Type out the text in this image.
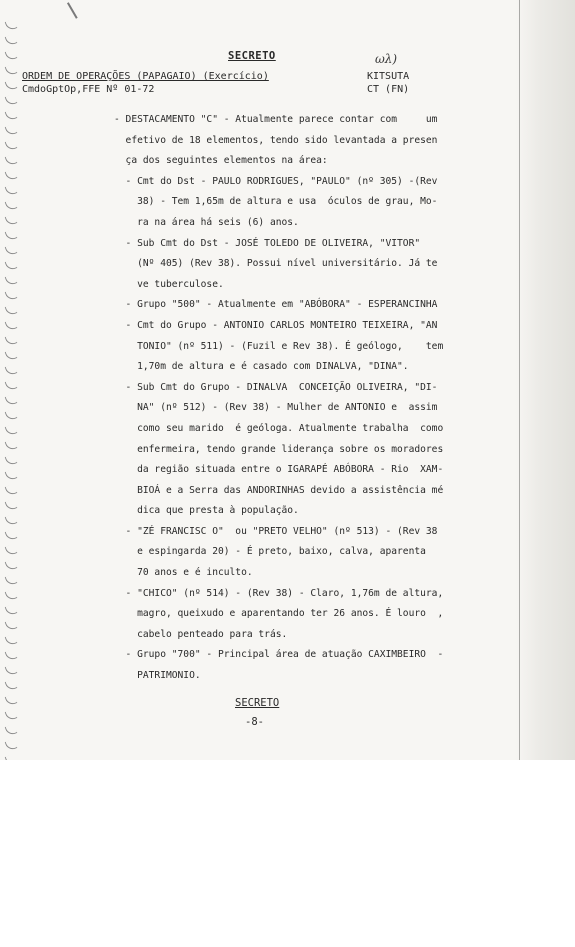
SECRETO	ωλ)
ORDEM DE OPERAÇÕES (PAPAGAIO) (Exercício)
CmdoGptOp,FFE Nº 01-72
KITSUTA
CT (FN)

- DESTACAMENTO "C" - Atualmente parece contar com     um

efetivo de 18 elementos, tendo sido levantada a presen

ça dos seguintes elementos na área:

- Cmt do Dst - PAULO RODRIGUES, "PAULO" (nº 305) -(Rev

38) - Tem 1,65m de altura e usa  óculos de grau, Mo-

ra na área há seis (6) anos.

- Sub Cmt do Dst - JOSÉ TOLEDO DE OLIVEIRA, "VITOR"

(Nº 405) (Rev 38). Possui nível universitário. Já te

ve tuberculose.

- Grupo "500" - Atualmente em "ABÓBORA" - ESPERANCINHA

- Cmt do Grupo - ANTONIO CARLOS MONTEIRO TEIXEIRA, "AN

TONIO" (nº 511) - (Fuzil e Rev 38). É geólogo,    tem

1,70m de altura e é casado com DINALVA, "DINA".

- Sub Cmt do Grupo - DINALVA  CONCEIÇÃO OLIVEIRA, "DI-

NA" (nº 512) - (Rev 38) - Mulher de ANTONIO e  assim

como seu marido  é geóloga. Atualmente trabalha  como

enfermeira, tendo grande liderança sobre os moradores

da região situada entre o IGARAPÉ ABÓBORA - Rio  XAM-

BIOÁ e a Serra das ANDORINHAS devido a assistência mé

dica que presta à população.

- "ZÉ FRANCISC O"  ou "PRETO VELHO" (nº 513) - (Rev 38

e espingarda 20) - É preto, baixo, calva, aparenta

70 anos e é inculto.

- "CHICO" (nº 514) - (Rev 38) - Claro, 1,76m de altura,

magro, queixudo e aparentando ter 26 anos. É louro  ,

cabelo penteado para trás.

- Grupo "700" - Principal área de atuação CAXIMBEIRO  -

PATRIMONIO.

SECRETO
-8-
